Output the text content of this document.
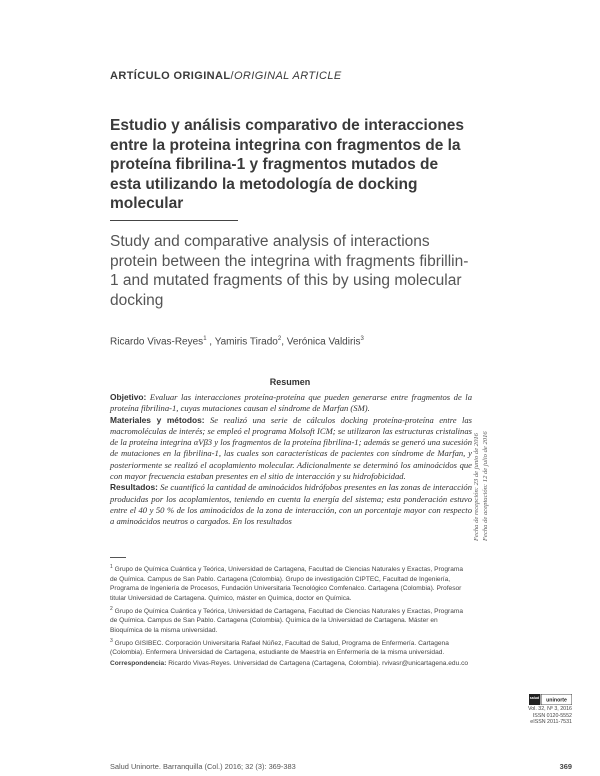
ARTÍCULO ORIGINAL/ORIGINAL ARTICLE
Estudio y análisis comparativo de interacciones entre la proteina integrina con fragmentos de la proteína fibrilina-1 y fragmentos mutados de esta utilizando la metodología de docking molecular
Study and comparative analysis of interactions protein between the integrina with fragments fibrillin-1 and mutated fragments of this by using molecular docking
Ricardo Vivas-Reyes$^1$ , Yamiris Tirado$^2$, Verónica Valdiris$^3$
Resumen

Objetivo: Evaluar las interacciones proteína-proteína que pueden generarse entre fragmentos de la proteína fibrilina-1, cuyas mutaciones causan el síndrome de Marfan (SM).

Materiales y métodos: Se realizó una serie de cálculos docking proteína-proteína entre las macromoléculas de interés; se empleó el programa Molsoft ICM; se utilizaron las estructuras cristalinas de la proteína integrina αVβ3 y los fragmentos de la proteína fibrilina-1; además se generó una sucesión de mutaciones en la fibrilina-1, las cuales son características de pacientes con síndrome de Marfan, y posteriormente se realizó el acoplamiento molecular. Adicionalmente se determinó los aminoácidos que con mayor frecuencia estaban presentes en el sitio de interacción y su hidrofobicidad.

Resultados: Se cuantificó la cantidad de aminoácidos hidrófobos presentes en las zonas de interacción producidas por los acoplamientos, teniendo en cuenta la energía del sistema; esta ponderación estuvo entre el 40 y 50 % de los aminoácidos de la zona de interacción, con un porcentaje mayor con respecto a aminoácidos neutros o cargados. En los resultados	Fecha de recepción: 23 de junio de 2016 Fecha de aceptación: 12 de julio de 2016

$^1$ Grupo de Química Cuántica y Teórica, Universidad de Cartagena, Facultad de Ciencias Naturales y Exactas, Programa de Química. Campus de San Pablo. Cartagena (Colombia). Grupo de investigación CIPTEC, Facultad de Ingeniería, Programa de Ingeniería de Procesos, Fundación Universitaria Tecnológico Comfenalco. Cartagena (Colombia). Profesor titular Universidad de Cartagena. Químico, máster en Química, doctor en Química.

$^2$ Grupo de Química Cuántica y Teórica, Universidad de Cartagena, Facultad de Ciencias Naturales y Exactas, Programa de Química. Campus de San Pablo. Cartagena (Colombia). Química de la Universidad de Cartagena. Máster en Bioquímica de la misma universidad.

$^3$ Grupo GISIBEC. Corporación Universitaria Rafael Núñez, Facultad de Salud, Programa de Enfermería. Cartagena (Colombia). Enfermera Universidad de Cartagena, estudiante de Maestría en Enfermería de la misma universidad.

Correspondencia: Ricardo Vivas-Reyes. Universidad de Cartagena (Cartagena, Colombia). rvivasr@unicartagena.edu.co

salud uninorte
Vol. 32, Nº 3, 2016
ISSN 0120-5552
eISSN 2011-7531
Salud Uninorte. Barranquilla (Col.) 2016; 32 (3): 369-383	369
